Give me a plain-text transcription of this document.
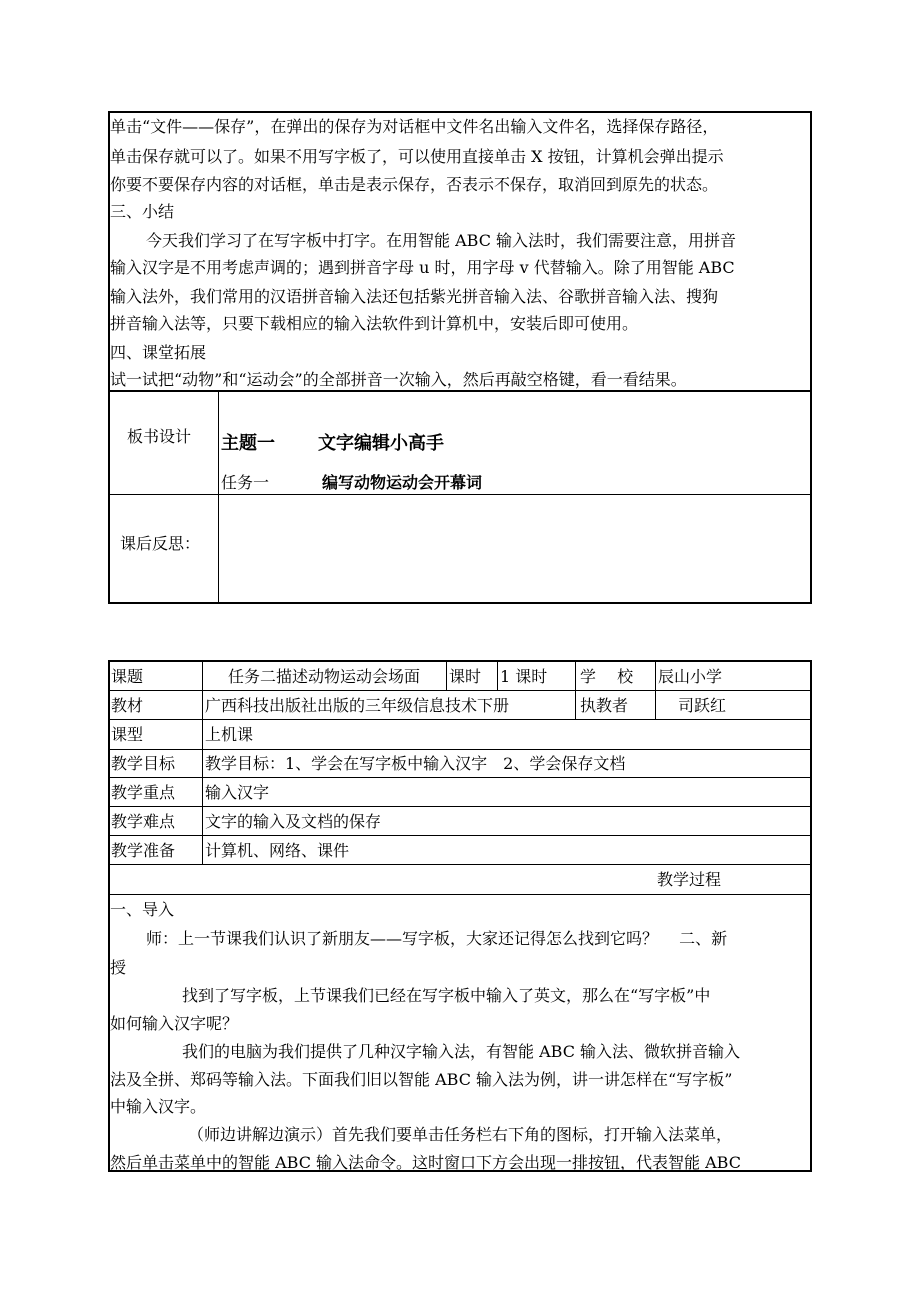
单击“文件——保存”，在弹出的保存为对话框中文件名出输入文件名，选择保存路径，
单击保存就可以了。如果不用写字板了，可以使用直接单击 X 按钮，计算机会弹出提示
你要不要保存内容的对话框，单击是表示保存，否表示不保存，取消回到原先的状态。
三、小结
今天我们学习了在写字板中打字。在用智能 ABC 输入法时，我们需要注意，用拼音
输入汉字是不用考虑声调的；遇到拼音字母 u 时，用字母 v 代替输入。除了用智能 ABC
输入法外，我们常用的汉语拼音输入法还包括紫光拼音输入法、谷歌拼音输入法、搜狗
拼音输入法等，只要下载相应的输入法软件到计算机中，安装后即可使用。
四、课堂拓展
试一试把“动物”和“运动会”的全部拼音一次输入，然后再敲空格键，看一看结果。
板书设计 主题一 文字编辑小高手
任务一	编写动物运动会开幕词
课后反思：
课题	任务二描述动物运动会场面 课时 1 课时 学　 校 辰山小学
教材	广西科技出版社出版的三年级信息技术下册	执教者	司跃红
课型	上机课
教学目标 教学目标：1、学会在写字板中输入汉字　2、学会保存文档
教学重点 输入汉字
教学难点 文字的输入及文档的保存
教学准备 计算机、网络、课件
教学过程
一、导入
师：上一节课我们认识了新朋友——写字板，大家还记得怎么找到它吗？　 二、新
授
找到了写字板，上节课我们已经在写字板中输入了英文，那么在“写字板”中
如何输入汉字呢？
我们的电脑为我们提供了几种汉字输入法，有智能 ABC 输入法、微软拼音输入
法及全拼、郑码等输入法。下面我们旧以智能 ABC 输入法为例，讲一讲怎样在“写字板”
中输入汉字。
（师边讲解边演示）首先我们要单击任务栏右下角的图标，打开输入法菜单，
然后单击菜单中的智能 ABC 输入法命令。这时窗口下方会出现一排按钮，代表智能 ABC
